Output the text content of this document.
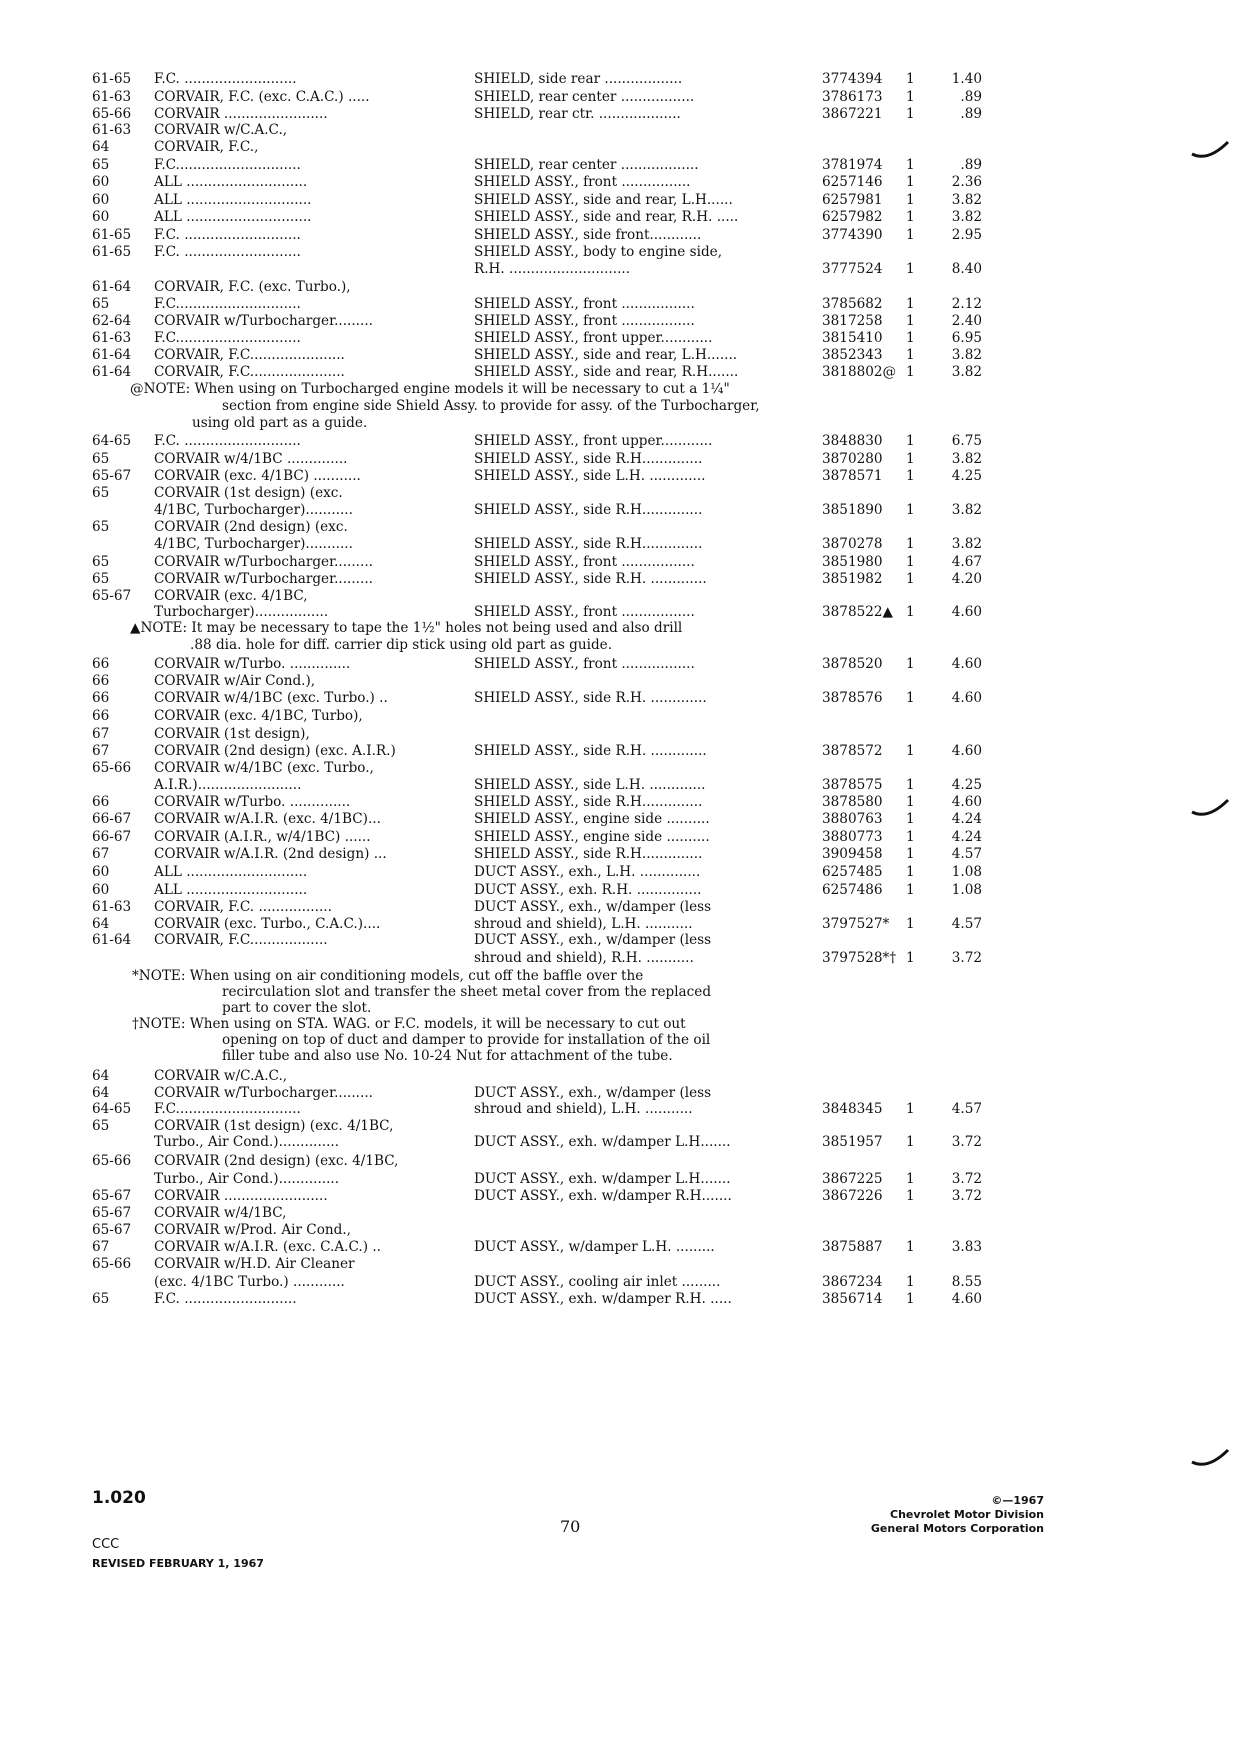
61-65 F.C. ..........................	SHIELD, side rear ..................	3774394 1	1.40
61-63 CORVAIR, F.C. (exc. C.A.C.) .....	SHIELD, rear center .................	3786173 1	.89
65-66 CORVAIR ........................	SHIELD, rear ctr. ...................	3867221 1	.89
61-63 CORVAIR w/C.A.C.,
64	CORVAIR, F.C.,
65	F.C.............................	SHIELD, rear center ..................	3781974 1	.89
60	ALL ............................	SHIELD ASSY., front ................	6257146 1	2.36
60	ALL .............................	SHIELD ASSY., side and rear, L.H......	6257981 1	3.82
60	ALL .............................	SHIELD ASSY., side and rear, R.H. .....	6257982 1	3.82
61-65 F.C. ...........................	SHIELD ASSY., side front............	3774390 1	2.95
61-65 F.C. ...........................	SHIELD ASSY., body to engine side,
R.H. ............................	3777524 1	8.40
61-64 CORVAIR, F.C. (exc. Turbo.),
65	F.C.............................	SHIELD ASSY., front .................	3785682 1	2.12
62-64 CORVAIR w/Turbocharger.........	SHIELD ASSY., front .................	3817258 1	2.40
61-63 F.C.............................	SHIELD ASSY., front upper............	3815410 1	6.95
61-64 CORVAIR, F.C......................	SHIELD ASSY., side and rear, L.H.......	3852343 1	3.82
61-64 CORVAIR, F.C......................	SHIELD ASSY., side and rear, R.H.......	3818802@ 1	3.82
64-65 F.C. ...........................	SHIELD ASSY., front upper............	3848830 1	6.75
65	CORVAIR w/4/1BC ..............	SHIELD ASSY., side R.H..............	3870280 1	3.82
65-67 CORVAIR (exc. 4/1BC) ...........	SHIELD ASSY., side L.H. .............	3878571 1	4.25
65	CORVAIR (1st design) (exc.
4/1BC, Turbocharger)...........	SHIELD ASSY., side R.H..............	3851890 1	3.82
65	CORVAIR (2nd design) (exc.
4/1BC, Turbocharger)...........	SHIELD ASSY., side R.H..............	3870278 1	3.82
65	CORVAIR w/Turbocharger.........	SHIELD ASSY., front .................	3851980 1	4.67
65	CORVAIR w/Turbocharger.........	SHIELD ASSY., side R.H. .............	3851982 1	4.20
65-67 CORVAIR (exc. 4/1BC,
Turbocharger).................	SHIELD ASSY., front .................	3878522▲ 1	4.60
66	CORVAIR w/Turbo. ..............	SHIELD ASSY., front .................	3878520 1	4.60
66	CORVAIR w/Air Cond.),
66	CORVAIR w/4/1BC (exc. Turbo.) ..	SHIELD ASSY., side R.H. .............	3878576 1	4.60
66	CORVAIR (exc. 4/1BC, Turbo),
67	CORVAIR (1st design),
67	CORVAIR (2nd design) (exc. A.I.R.)	SHIELD ASSY., side R.H. .............	3878572 1	4.60
65-66 CORVAIR w/4/1BC (exc. Turbo.,
A.I.R.)........................	SHIELD ASSY., side L.H. .............	3878575 1	4.25
66	CORVAIR w/Turbo. ..............	SHIELD ASSY., side R.H..............	3878580 1	4.60
66-67 CORVAIR w/A.I.R. (exc. 4/1BC)...	SHIELD ASSY., engine side ..........	3880763 1	4.24
66-67 CORVAIR (A.I.R., w/4/1BC) ......	SHIELD ASSY., engine side ..........	3880773 1	4.24
67	CORVAIR w/A.I.R. (2nd design) ...	SHIELD ASSY., side R.H..............	3909458 1	4.57
60	ALL ............................	DUCT ASSY., exh., L.H. ..............	6257485 1	1.08
60	ALL ............................	DUCT ASSY., exh. R.H. ...............	6257486 1	1.08
61-63 CORVAIR, F.C. .................	DUCT ASSY., exh., w/damper (less
64	CORVAIR (exc. Turbo., C.A.C.)....	shroud and shield), L.H. ...........	3797527* 1	4.57
61-64 CORVAIR, F.C..................	DUCT ASSY., exh., w/damper (less
shroud and shield), R.H. ...........	3797528*† 1	3.72
64	CORVAIR w/C.A.C.,
64	CORVAIR w/Turbocharger.........	DUCT ASSY., exh., w/damper (less
64-65 F.C.............................	shroud and shield), L.H. ...........	3848345 1	4.57
65	CORVAIR (1st design) (exc. 4/1BC,
Turbo., Air Cond.)..............	DUCT ASSY., exh. w/damper L.H.......	3851957 1	3.72
65-66 CORVAIR (2nd design) (exc. 4/1BC,
Turbo., Air Cond.)..............	DUCT ASSY., exh. w/damper L.H.......	3867225 1	3.72
65-67 CORVAIR ........................	DUCT ASSY., exh. w/damper R.H.......	3867226 1	3.72
65-67 CORVAIR w/4/1BC,
65-67 CORVAIR w/Prod. Air Cond.,
67	CORVAIR w/A.I.R. (exc. C.A.C.) ..	DUCT ASSY., w/damper L.H. .........	3875887 1	3.83
65-66 CORVAIR w/H.D. Air Cleaner
(exc. 4/1BC Turbo.) ............	DUCT ASSY., cooling air inlet .........	3867234 1	8.55
65	F.C. ..........................	DUCT ASSY., exh. w/damper R.H. .....	3856714 1	4.60
@NOTE: When using on Turbocharged engine models it will be necessary to cut a 1¼"
section from engine side Shield Assy. to provide for assy. of the Turbocharger,
using old part as a guide.
▲NOTE: It may be necessary to tape the 1½" holes not being used and also drill
.88 dia. hole for diff. carrier dip stick using old part as guide.
*NOTE: When using on air conditioning models, cut off the baffle over the
recirculation slot and transfer the sheet metal cover from the replaced
part to cover the slot.
†NOTE: When using on STA. WAG. or F.C. models, it will be necessary to cut out
opening on top of duct and damper to provide for installation of the oil
filler tube and also use No. 10-24 Nut for attachment of the tube.
1.020
CCC
REVISED FEBRUARY 1, 1967
70
©—1967
Chevrolet Motor Division
General Motors Corporation
